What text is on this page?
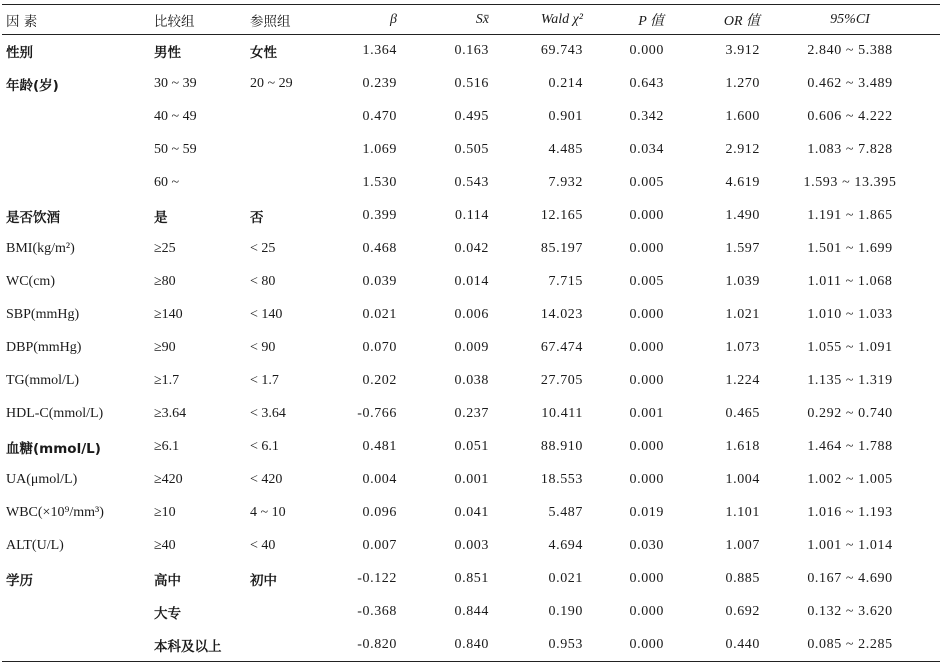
因 素	比较组	参照组	β	Sx̄	Wald χ²	P 值	OR 值	95%CI
性别	男性	女性	1.364	0.163	69.743	0.000	3.912	2.840 ~ 5.388
年龄(岁)	30 ~ 39	20 ~ 29	0.239	0.516	0.214	0.643	1.270	0.462 ~ 3.489
	40 ~ 49		0.470	0.495	0.901	0.342	1.600	0.606 ~ 4.222
	50 ~ 59		1.069	0.505	4.485	0.034	2.912	1.083 ~ 7.828
	60 ~		1.530	0.543	7.932	0.005	4.619	1.593 ~ 13.395
是否饮酒	是	否	0.399	0.114	12.165	0.000	1.490	1.191 ~ 1.865
BMI(kg/m²)	≥25	< 25	0.468	0.042	85.197	0.000	1.597	1.501 ~ 1.699
WC(cm)	≥80	< 80	0.039	0.014	7.715	0.005	1.039	1.011 ~ 1.068
SBP(mmHg)	≥140	< 140	0.021	0.006	14.023	0.000	1.021	1.010 ~ 1.033
DBP(mmHg)	≥90	< 90	0.070	0.009	67.474	0.000	1.073	1.055 ~ 1.091
TG(mmol/L)	≥1.7	< 1.7	0.202	0.038	27.705	0.000	1.224	1.135 ~ 1.319
HDL-C(mmol/L)	≥3.64	< 3.64	-0.766	0.237	10.411	0.001	0.465	0.292 ~ 0.740
血糖(mmol/L)	≥6.1	< 6.1	0.481	0.051	88.910	0.000	1.618	1.464 ~ 1.788
UA(μmol/L)	≥420	< 420	0.004	0.001	18.553	0.000	1.004	1.002 ~ 1.005
WBC(×10⁹/mm³)	≥10	4 ~ 10	0.096	0.041	5.487	0.019	1.101	1.016 ~ 1.193
ALT(U/L)	≥40	< 40	0.007	0.003	4.694	0.030	1.007	1.001 ~ 1.014
学历	高中	初中	-0.122	0.851	0.021	0.000	0.885	0.167 ~ 4.690
	大专		-0.368	0.844	0.190	0.000	0.692	0.132 ~ 3.620
	本科及以上		-0.820	0.840	0.953	0.000	0.440	0.085 ~ 2.285
